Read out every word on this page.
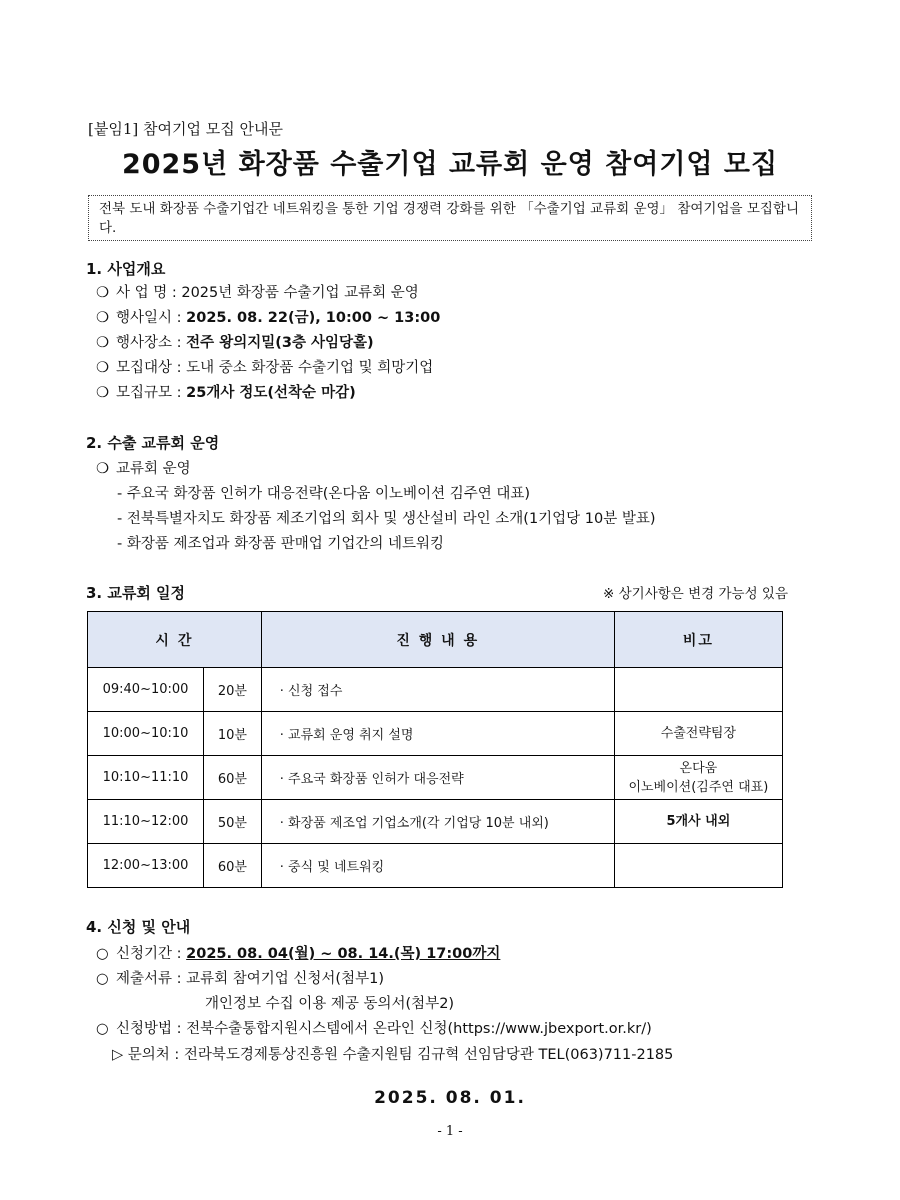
[붙임1] 참여기업 모집 안내문
2025년 화장품 수출기업 교류회 운영 참여기업 모집
전북 도내 화장품 수출기업간 네트워킹을 통한 기업 경쟁력 강화를 위한 「수출기업 교류회 운영」 참여기업을 모집합니다.
1. 사업개요
❍ 사 업 명 : 2025년 화장품 수출기업 교류회 운영
❍ 행사일시 : 2025. 08. 22(금), 10:00 ~ 13:00
❍ 행사장소 : 전주 왕의지밀(3층 사임당홀)
❍ 모집대상 : 도내 중소 화장품 수출기업 및 희망기업
❍ 모집규모 : 25개사 정도(선착순 마감)
2. 수출 교류회 운영
❍ 교류회 운영
- 주요국 화장품 인허가 대응전략(온다움 이노베이션 김주연 대표)
- 전북특별자치도 화장품 제조기업의 회사 및 생산설비 라인 소개(1기업당 10분 발표)
- 화장품 제조업과 화장품 판매업 기업간의 네트워킹
3. 교류회 일정	※ 상기사항은 변경 가능성 있음
시 간		진 행 내 용	비고
09:40~10:00	20분	· 신청 접수	
10:00~10:10	10분	· 교류회 운영 취지 설명	수출전략팀장
10:10~11:10	60분	· 주요국 화장품 인허가 대응전략	온다움
이노베이션(김주연 대표)

11:10~12:00	50분	· 화장품 제조업 기업소개(각 기업당 10분 내외)	5개사 내외
12:00~13:00	60분	· 중식 및 네트워킹	
4. 신청 및 안내
○ 신청기간 : 2025. 08. 04(월) ~ 08. 14.(목) 17:00까지
○ 제출서류 : 교류회 참여기업 신청서(첨부1)
개인정보 수집 이용 제공 동의서(첨부2)
○ 신청방법 : 전북수출통합지원시스템에서 온라인 신청(https://www.jbexport.or.kr/)
▷ 문의처 : 전라북도경제통상진흥원 수출지원팀 김규혁 선임담당관 TEL(063)711-2185
2025. 08. 01.
- 1 -
